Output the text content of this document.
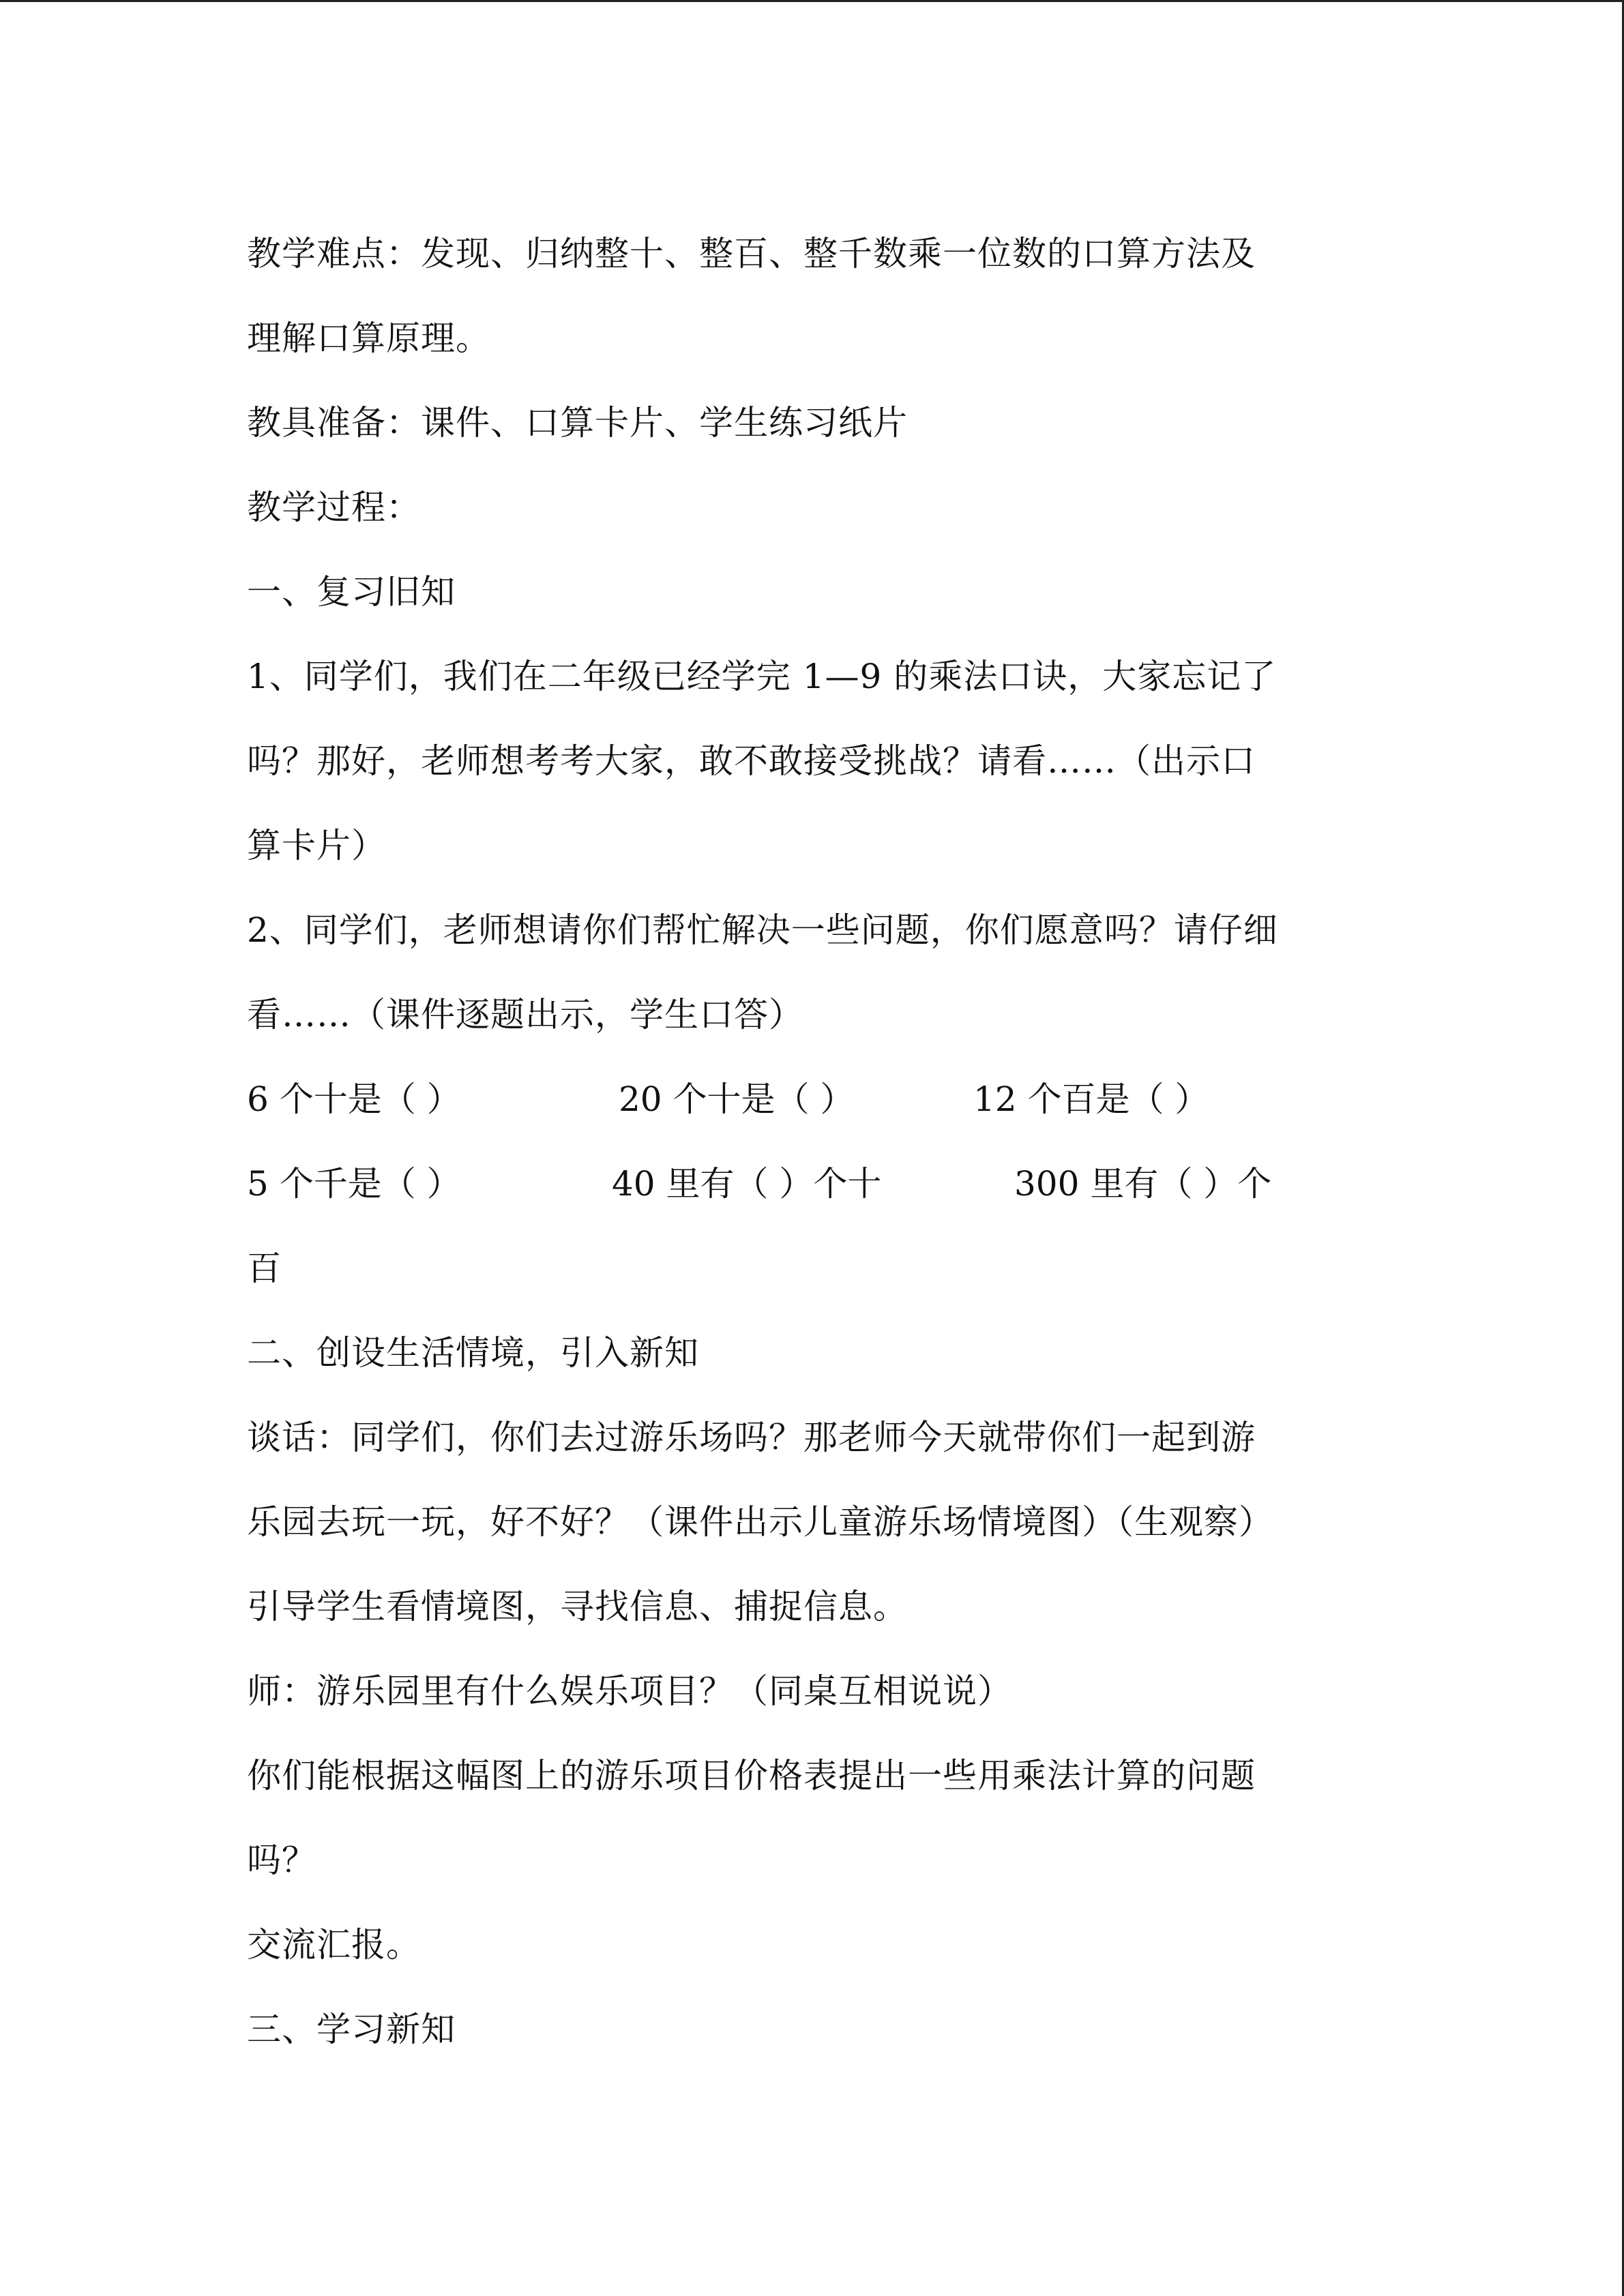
教学难点：发现、归纳整十、整百、整千数乘一位数的口算方法及
理解口算原理。
教具准备：课件、口算卡片、学生练习纸片
教学过程：
一、复习旧知
1、同学们，我们在二年级已经学完 1—9 的乘法口诀，大家忘记了
吗？那好，老师想考考大家，敢不敢接受挑战？请看……（出示口
算卡片）
2、同学们，老师想请你们帮忙解决一些问题，你们愿意吗？请仔细
看……（课件逐题出示，学生口答）
6 个十是（ ）	20 个十是（ ）	12 个百是（ ）
5 个千是（ ）	40 里有（ ）个十	300 里有（ ）个
百
二、创设生活情境，引入新知
谈话：同学们，你们去过游乐场吗？那老师今天就带你们一起到游
乐园去玩一玩，好不好？（课件出示儿童游乐场情境图）（生观察）
引导学生看情境图，寻找信息、捕捉信息。
师：游乐园里有什么娱乐项目？（同桌互相说说）
你们能根据这幅图上的游乐项目价格表提出一些用乘法计算的问题
吗？
交流汇报。
三、学习新知
